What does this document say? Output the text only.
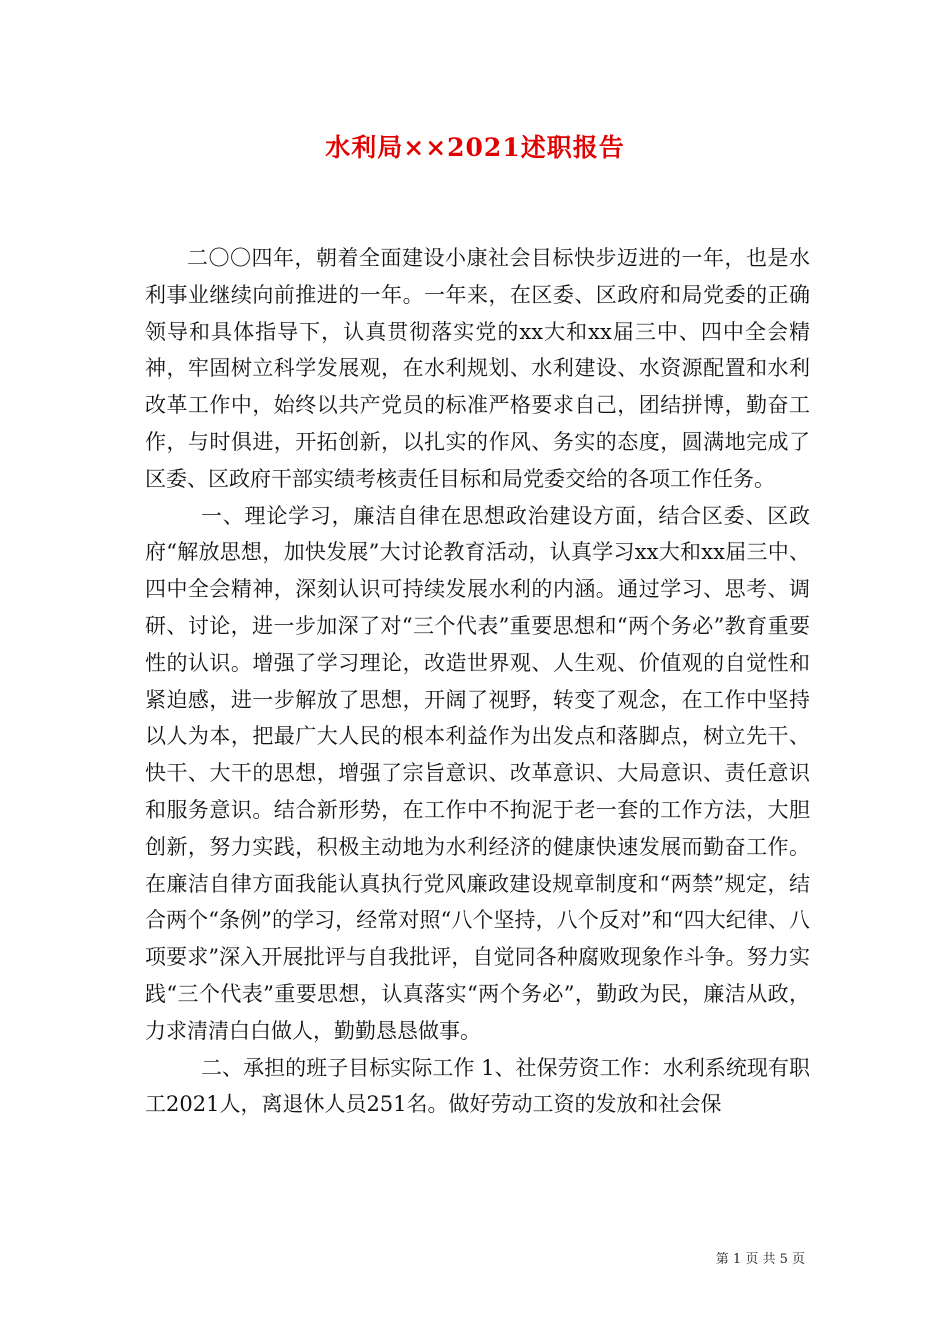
水利局××2021述职报告

二〇〇四年，朝着全面建设小康社会目标快步迈进的一年，也是水利事业继续向前推进的一年。一年来，在区委、区政府和局党委的正确领导和具体指导下，认真贯彻落实党的xx大和xx届三中、四中全会精神，牢固树立科学发展观，在水利规划、水利建设、水资源配置和水利改革工作中，始终以共产党员的标准严格要求自己，团结拼博，勤奋工作，与时俱进，开拓创新，以扎实的作风、务实的态度，圆满地完成了区委、区政府干部实绩考核责任目标和局党委交给的各项工作任务。

一、理论学习，廉洁自律在思想政治建设方面，结合区委、区政府“解放思想，加快发展”大讨论教育活动，认真学习xx大和xx届三中、四中全会精神，深刻认识可持续发展水利的内涵。通过学习、思考、调研、讨论，进一步加深了对“三个代表”重要思想和“两个务必”教育重要性的认识。增强了学习理论，改造世界观、人生观、价值观的自觉性和紧迫感，进一步解放了思想，开阔了视野，转变了观念，在工作中坚持以人为本，把最广大人民的根本利益作为出发点和落脚点，树立先干、快干、大干的思想，增强了宗旨意识、改革意识、大局意识、责任意识和服务意识。结合新形势，在工作中不拘泥于老一套的工作方法，大胆创新，努力实践，积极主动地为水利经济的健康快速发展而勤奋工作。在廉洁自律方面我能认真执行党风廉政建设规章制度和“两禁”规定，结合两个“条例”的学习，经常对照“八个坚持，八个反对”和“四大纪律、八项要求”深入开展批评与自我批评，自觉同各种腐败现象作斗争。努力实践“三个代表”重要思想，认真落实“两个务必”，勤政为民，廉洁从政，力求清清白白做人，勤勤恳恳做事。

二、承担的班子目标实际工作 1、社保劳资工作：水利系统现有职工2021人，离退休人员251名。做好劳动工资的发放和社会保

第 1 页 共 5 页
